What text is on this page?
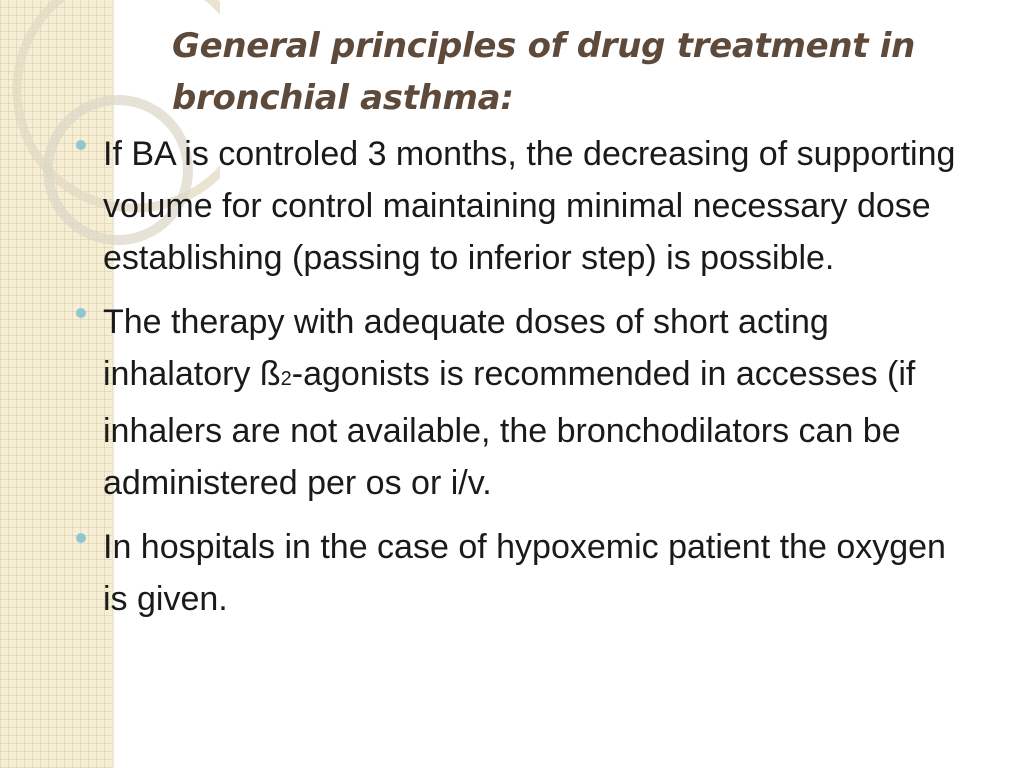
General principles of drug treatment in bronchial asthma:
If BA is controled 3 months, the decreasing of supporting volume for control maintaining minimal necessary dose establishing (passing to inferior step) is possible.
The therapy with adequate doses of short acting inhalatory ß2-agonists is recommended in accesses (if inhalers are not available, the bronchodilators can be administered per os or i/v.
In hospitals in the case of hypoxemic patient the oxygen is given.
